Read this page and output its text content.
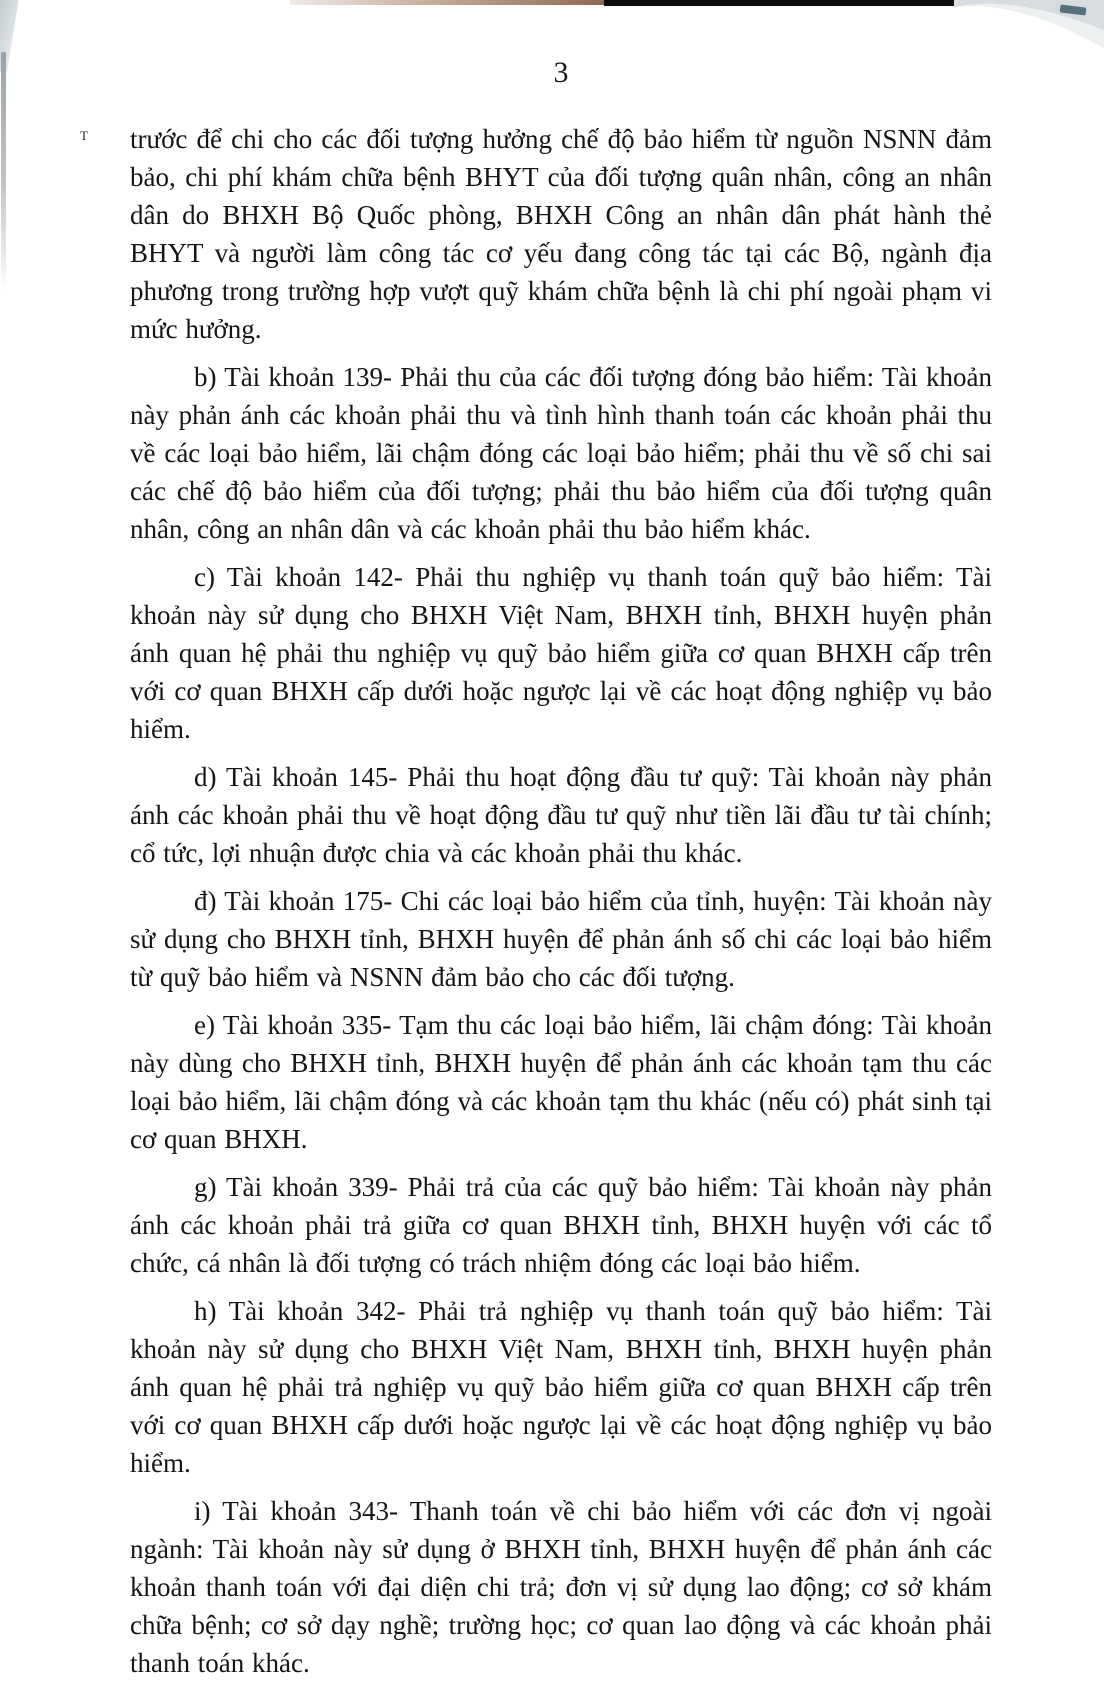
T
3

trước để chi cho các đối tượng hưởng chế độ bảo hiểm từ nguồn NSNN đảm bảo, chi phí khám chữa bệnh BHYT của đối tượng quân nhân, công an nhân dân do BHXH Bộ Quốc phòng, BHXH Công an nhân dân phát hành thẻ BHYT và người làm công tác cơ yếu đang công tác tại các Bộ, ngành địa phương trong trường hợp vượt quỹ khám chữa bệnh là chi phí ngoài phạm vi mức hưởng.

b) Tài khoản 139- Phải thu của các đối tượng đóng bảo hiểm: Tài khoản này phản ánh các khoản phải thu và tình hình thanh toán các khoản phải thu về các loại bảo hiểm, lãi chậm đóng các loại bảo hiểm; phải thu về số chi sai các chế độ bảo hiểm của đối tượng; phải thu bảo hiểm của đối tượng quân nhân, công an nhân dân và các khoản phải thu bảo hiểm khác.

c) Tài khoản 142- Phải thu nghiệp vụ thanh toán quỹ bảo hiểm: Tài khoản này sử dụng cho BHXH Việt Nam, BHXH tỉnh, BHXH huyện phản ánh quan hệ phải thu nghiệp vụ quỹ bảo hiểm giữa cơ quan BHXH cấp trên với cơ quan BHXH cấp dưới hoặc ngược lại về các hoạt động nghiệp vụ bảo hiểm.

d) Tài khoản 145- Phải thu hoạt động đầu tư quỹ: Tài khoản này phản ánh các khoản phải thu về hoạt động đầu tư quỹ như tiền lãi đầu tư tài chính; cổ tức, lợi nhuận được chia và các khoản phải thu khác.

đ) Tài khoản 175- Chi các loại bảo hiểm của tỉnh, huyện: Tài khoản này sử dụng cho BHXH tỉnh, BHXH huyện để phản ánh số chi các loại bảo hiểm từ quỹ bảo hiểm và NSNN đảm bảo cho các đối tượng.

e) Tài khoản 335- Tạm thu các loại bảo hiểm, lãi chậm đóng: Tài khoản này dùng cho BHXH tỉnh, BHXH huyện để phản ánh các khoản tạm thu các loại bảo hiểm, lãi chậm đóng và các khoản tạm thu khác (nếu có) phát sinh tại cơ quan BHXH.

g) Tài khoản 339- Phải trả của các quỹ bảo hiểm: Tài khoản này phản ánh các khoản phải trả giữa cơ quan BHXH tỉnh, BHXH huyện với các tổ chức, cá nhân là đối tượng có trách nhiệm đóng các loại bảo hiểm.

h) Tài khoản 342- Phải trả nghiệp vụ thanh toán quỹ bảo hiểm: Tài khoản này sử dụng cho BHXH Việt Nam, BHXH tỉnh, BHXH huyện phản ánh quan hệ phải trả nghiệp vụ quỹ bảo hiểm giữa cơ quan BHXH cấp trên với cơ quan BHXH cấp dưới hoặc ngược lại về các hoạt động nghiệp vụ bảo hiểm.

i) Tài khoản 343- Thanh toán về chi bảo hiểm với các đơn vị ngoài ngành: Tài khoản này sử dụng ở BHXH tỉnh, BHXH huyện để phản ánh các khoản thanh toán với đại diện chi trả; đơn vị sử dụng lao động; cơ sở khám chữa bệnh; cơ sở dạy nghề; trường học; cơ quan lao động và các khoản phải thanh toán khác.
